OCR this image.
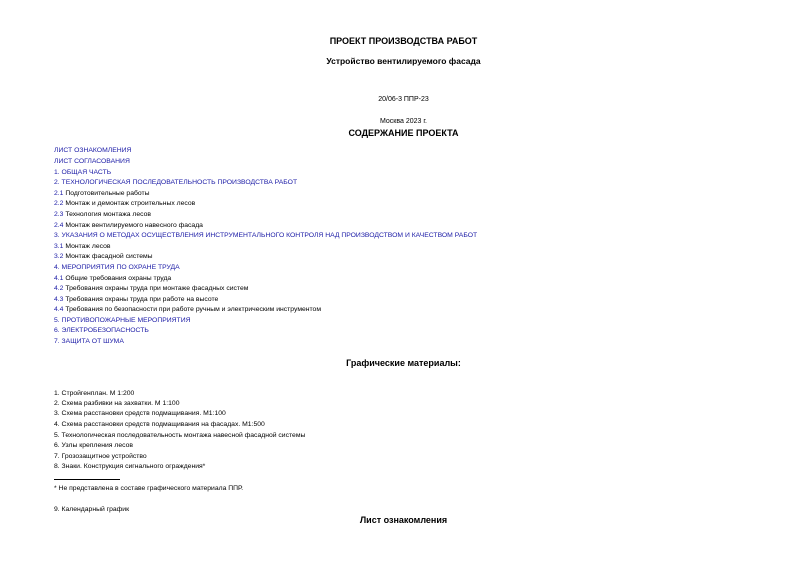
ПРОЕКТ ПРОИЗВОДСТВА РАБОТ
Устройство вентилируемого фасада
20/06-3 ППР-23
Москва 2023 г.
СОДЕРЖАНИЕ ПРОЕКТА
ЛИСТ ОЗНАКОМЛЕНИЯ
ЛИСТ СОГЛАСОВАНИЯ
1. ОБЩАЯ ЧАСТЬ
2. ТЕХНОЛОГИЧЕСКАЯ ПОСЛЕДОВАТЕЛЬНОСТЬ ПРОИЗВОДСТВА РАБОТ
2.1 Подготовительные работы
2.2 Монтаж и демонтаж строительных лесов
2.3 Технология монтажа лесов
2.4 Монтаж вентилируемого навесного фасада
3. УКАЗАНИЯ О МЕТОДАХ ОСУЩЕСТВЛЕНИЯ ИНСТРУМЕНТАЛЬНОГО КОНТРОЛЯ НАД ПРОИЗВОДСТВОМ И КАЧЕСТВОМ РАБОТ
3.1 Монтаж лесов
3.2 Монтаж фасадной системы
4. МЕРОПРИЯТИЯ ПО ОХРАНЕ ТРУДА
4.1 Общие требования охраны труда
4.2 Требования охраны труда при монтаже фасадных систем
4.3 Требования охраны труда при работе на высоте
4.4 Требования по безопасности при работе ручным и электрическим инструментом
5. ПРОТИВОПОЖАРНЫЕ МЕРОПРИЯТИЯ
6. ЭЛЕКТРОБЕЗОПАСНОСТЬ
7. ЗАЩИТА ОТ ШУМА
Графические материалы:
1. Стройгенплан. М 1:200
2. Схема разбивки на захватки. М 1:100
3. Схема расстановки средств подмащивания. М1:100
4. Схема расстановки средств подмащивания на фасадах. М1:500
5. Технологическая последовательность монтажа навесной фасадной системы
6. Узлы крепления лесов
7. Грозозащитное устройство
8. Знаки. Конструкция сигнального ограждения*
* Не представлена в составе графического материала ППР.
9. Календарный график
Лист ознакомления
